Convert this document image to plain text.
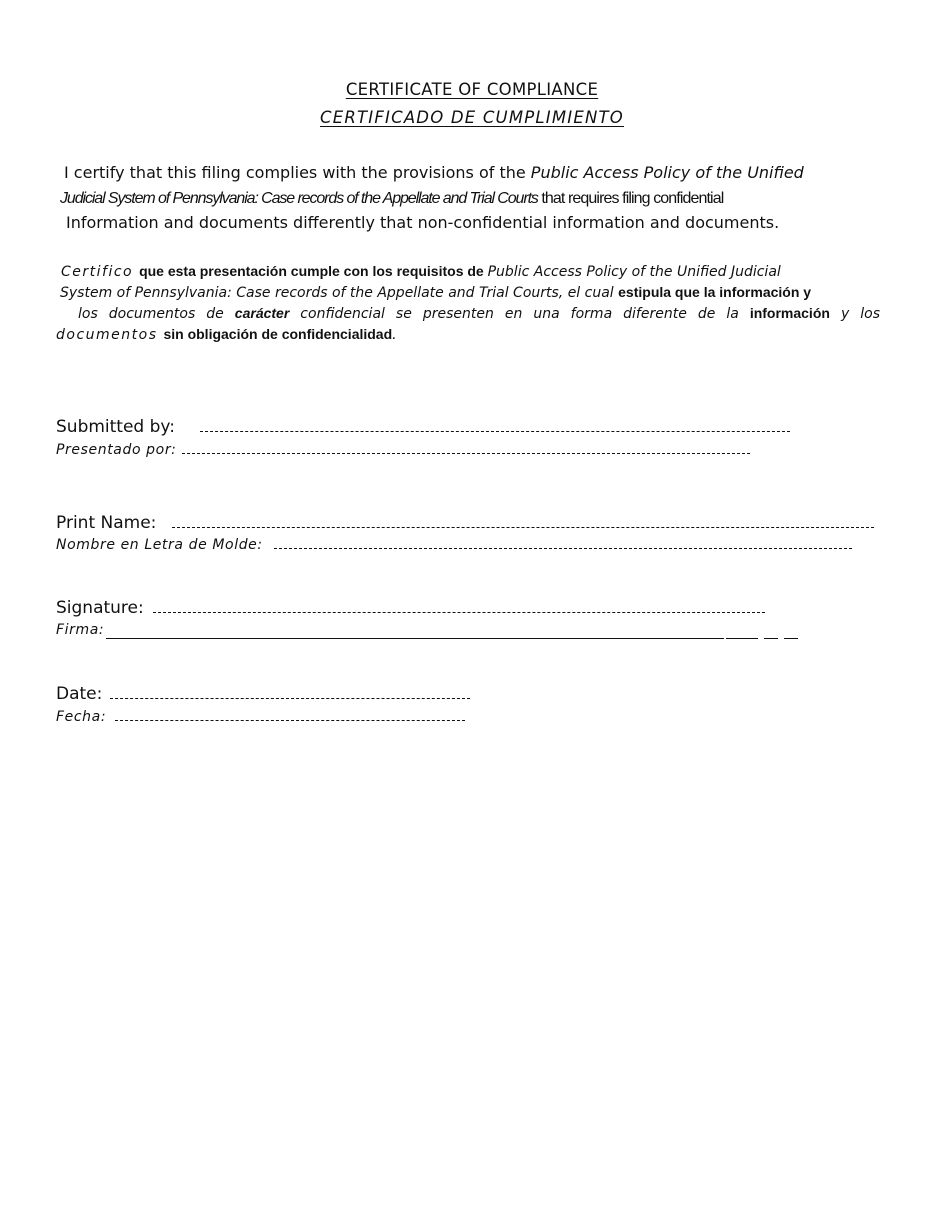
CERTIFICATE OF COMPLIANCE
CERTIFICADO DE CUMPLIMIENTO
I certify that this filing complies with the provisions of the Public Access Policy of the Unified
Judicial System of Pennsylvania: Case records of the Appellate and Trial Courts that requires filing confidential
Information and documents differently that non-confidential information and documents.
Certifico que esta presentación cumple con los requisitos de Public Access Policy of the Unified Judicial
System of Pennsylvania: Case records of the Appellate and Trial Courts, el cual estipula que la información y
los documentos de carácter confidencial se presenten en una forma diferente de la información y los
documentos sin obligación de confidencialidad.
Submitted by:
Presentado por:
Print Name:
Nombre en Letra de Molde:
Signature:
Firma:
Date:
Fecha:
